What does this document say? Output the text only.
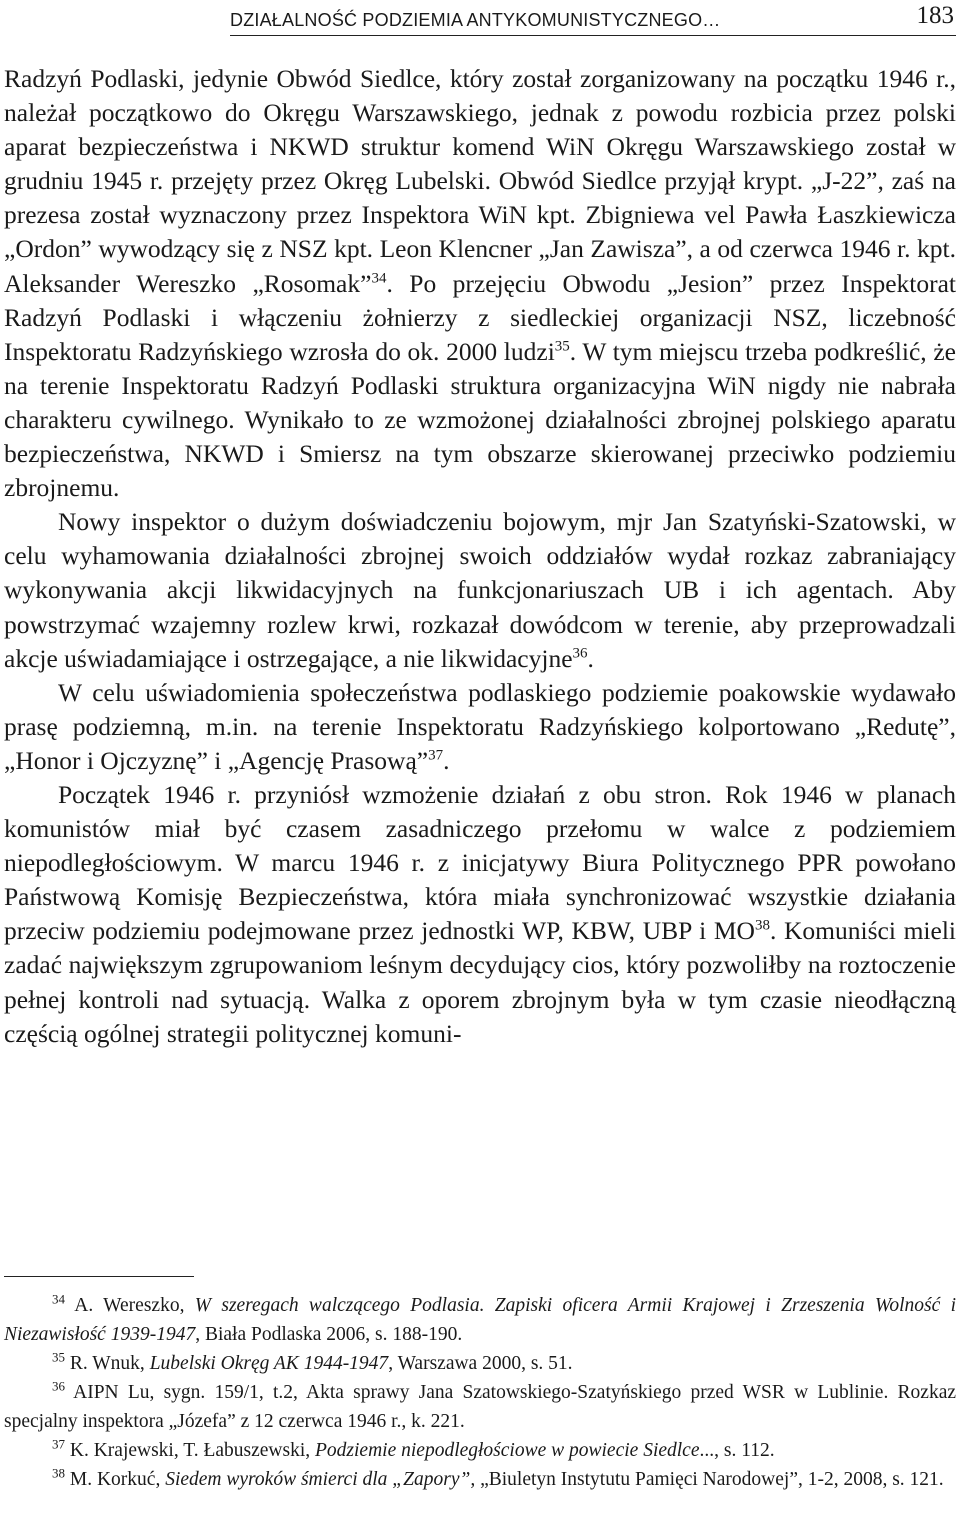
DZIAŁALNOŚĆ PODZIEMIA ANTYKOMUNISTYCZNEGO…	183

Radzyń Podlaski, jedynie Obwód Siedlce, który został zorganizowany na początku 1946 r., należał początkowo do Okręgu Warszawskiego, jednak z powodu rozbicia przez polski aparat bezpieczeństwa i NKWD struktur komend WiN Okręgu Warszawskiego został w grudniu 1945 r. przejęty przez Okręg Lubelski. Obwód Siedlce przyjął krypt. „J-22”, zaś na prezesa został wyznaczony przez Inspektora WiN kpt. Zbigniewa vel Pawła Łaszkiewicza „Ordon” wywodzący się z NSZ kpt. Leon Klencner „Jan Zawisza”, a od czerwca 1946 r. kpt. Aleksander Wereszko „Rosomak”$^{34}$. Po przejęciu Obwodu „Jesion” przez Inspektorat Radzyń Podlaski i włączeniu żołnierzy z siedleckiej organizacji NSZ, liczebność Inspektoratu Radzyńskiego wzrosła do ok. 2000 ludzi$^{35}$. W tym miejscu trzeba podkreślić, że na terenie Inspektoratu Radzyń Podlaski struktura organizacyjna WiN nigdy nie nabrała charakteru cywilnego. Wynikało to ze wzmożonej działalności zbrojnej polskiego aparatu bezpieczeństwa, NKWD i Smiersz na tym obszarze skierowanej przeciwko podziemiu zbrojnemu.

Nowy inspektor o dużym doświadczeniu bojowym, mjr Jan Szatyński-Szatowski, w celu wyhamowania działalności zbrojnej swoich oddziałów wydał rozkaz zabraniający wykonywania akcji likwidacyjnych na funkcjonariuszach UB i ich agentach. Aby powstrzymać wzajemny rozlew krwi, rozkazał dowódcom w terenie, aby przeprowadzali akcje uświadamiające i ostrzegające, a nie likwidacyjne$^{36}$.

W celu uświadomienia społeczeństwa podlaskiego podziemie poakowskie wydawało prasę podziemną, m.in. na terenie Inspektoratu Radzyńskiego kolportowano „Redutę”, „Honor i Ojczyznę” i „Agencję Prasową”$^{37}$.

Początek 1946 r. przyniósł wzmożenie działań z obu stron. Rok 1946 w planach komunistów miał być czasem zasadniczego przełomu w walce z podziemiem niepodległościowym. W marcu 1946 r. z inicjatywy Biura Politycznego PPR powołano Państwową Komisję Bezpieczeństwa, która miała synchronizować wszystkie działania przeciw podziemiu podejmowane przez jednostki WP, KBW, UBP i MO$^{38}$. Komuniści mieli zadać największym zgrupowaniom leśnym decydujący cios, który pozwoliłby na roztoczenie pełnej kontroli nad sytuacją. Walka z oporem zbrojnym była w tym czasie nieodłączną częścią ogólnej strategii politycznej komuni-

$^{34}$ A. Wereszko, W szeregach walczącego Podlasia. Zapiski oficera Armii Krajowej i Zrzeszenia Wolność i Niezawisłość 1939-1947, Biała Podlaska 2006, s. 188-190.

$^{35}$ R. Wnuk, Lubelski Okręg AK 1944-1947, Warszawa 2000, s. 51.

$^{36}$ AIPN Lu, sygn. 159/1, t.2, Akta sprawy Jana Szatowskiego-Szatyńskiego przed WSR w Lublinie. Rozkaz specjalny inspektora „Józefa” z 12 czerwca 1946 r., k. 221.

$^{37}$ K. Krajewski, T. Łabuszewski, Podziemie niepodległościowe w powiecie Siedlce..., s. 112.

$^{38}$ M. Korkuć, Siedem wyroków śmierci dla „Zapory”, „Biuletyn Instytutu Pamięci Narodowej”, 1-2, 2008, s. 121.
